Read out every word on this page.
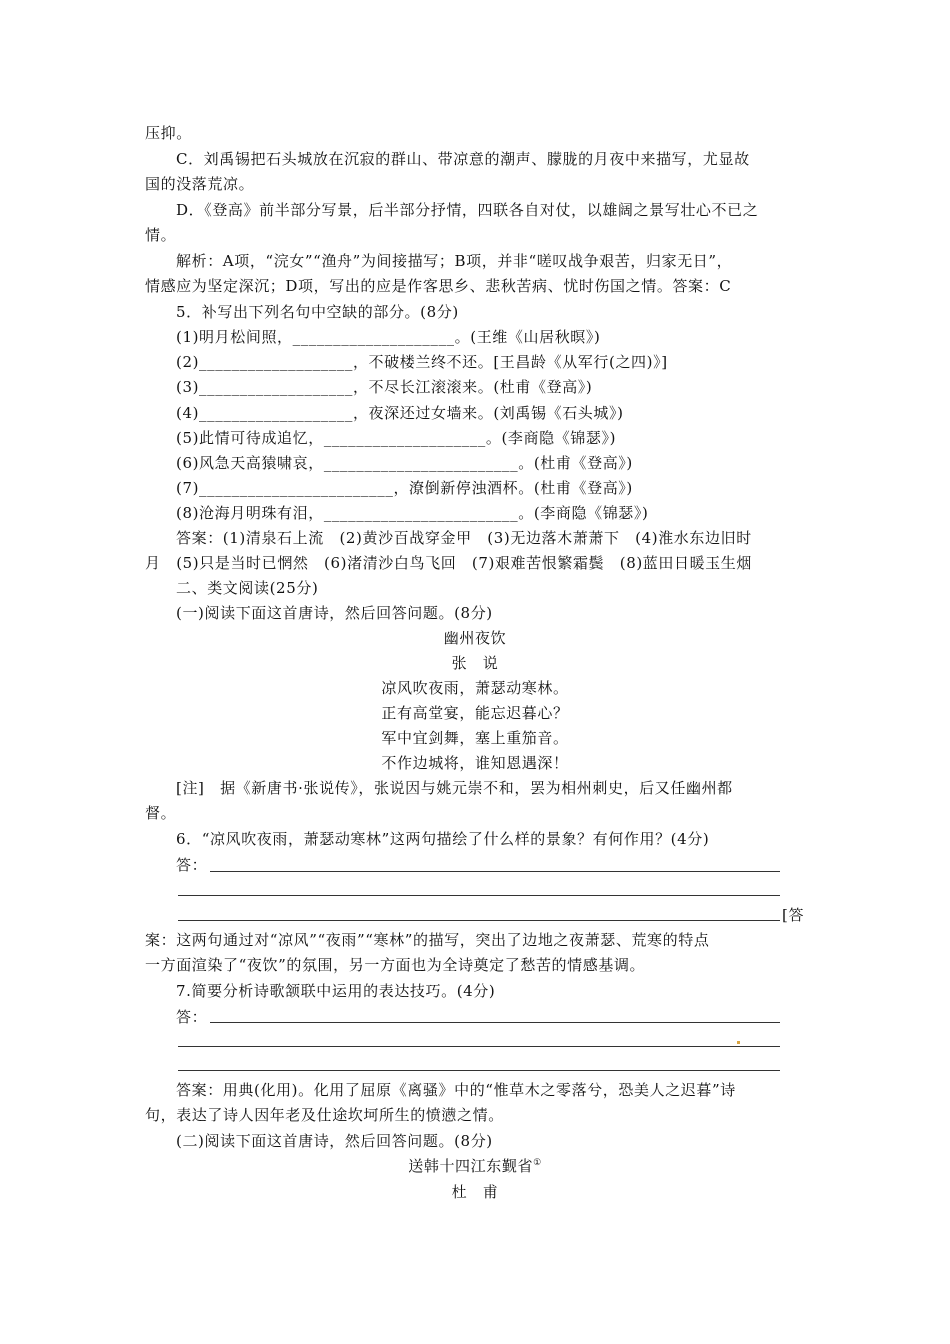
压抑。
C．刘禹锡把石头城放在沉寂的群山、带凉意的潮声、朦胧的月夜中来描写，尤显故
国的没落荒凉。
D．《登高》前半部分写景，后半部分抒情，四联各自对仗，以雄阔之景写壮心不已之
情。
解析：A项，“浣女”“渔舟”为间接描写；B项，并非“嗟叹战争艰苦，归家无日”，
情感应为坚定深沉；D项，写出的应是作客思乡、悲秋苦病、忧时伤国之情。答案：C
5．补写出下列名句中空缺的部分。(8分)
(1)明月松间照，____________________。(王维《山居秋暝》)
(2)___________________，不破楼兰终不还。[王昌龄《从军行(之四)》]
(3)___________________，不尽长江滚滚来。(杜甫《登高》)
(4)___________________，夜深还过女墙来。(刘禹锡《石头城》)
(5)此情可待成追忆，____________________。(李商隐《锦瑟》)
(6)风急天高猿啸哀，________________________。(杜甫《登高》)
(7)________________________，潦倒新停浊酒杯。(杜甫《登高》)
(8)沧海月明珠有泪，________________________。(李商隐《锦瑟》)
答案：(1)清泉石上流　(2)黄沙百战穿金甲　(3)无边落木萧萧下　(4)淮水东边旧时
月　(5)只是当时已惘然　(6)渚清沙白鸟飞回　(7)艰难苦恨繁霜鬓　(8)蓝田日暖玉生烟
二、类文阅读(25分)
(一)阅读下面这首唐诗，然后回答问题。(8分)
幽州夜饮
张　说
凉风吹夜雨，萧瑟动寒林。
正有高堂宴，能忘迟暮心？
军中宜剑舞，塞上重笳音。
不作边城将，谁知恩遇深！
[注]　据《新唐书·张说传》，张说因与姚元崇不和，罢为相州刺史，后又任幽州都
督。
6．“凉风吹夜雨，萧瑟动寒林”这两句描绘了什么样的景象？有何作用？(4分)
答：
[答
案：这两句通过对“凉风”“夜雨”“寒林”的描写，突出了边地之夜萧瑟、荒寒的特点
一方面渲染了“夜饮”的氛围，另一方面也为全诗奠定了愁苦的情感基调。
7.简要分析诗歌颔联中运用的表达技巧。(4分)
答：
答案：用典(化用)。化用了屈原《离骚》中的“惟草木之零落兮，恐美人之迟暮”诗
句，表达了诗人因年老及仕途坎坷所生的愤懑之情。
(二)阅读下面这首唐诗，然后回答问题。(8分)
送韩十四江东觐省①
杜　甫
